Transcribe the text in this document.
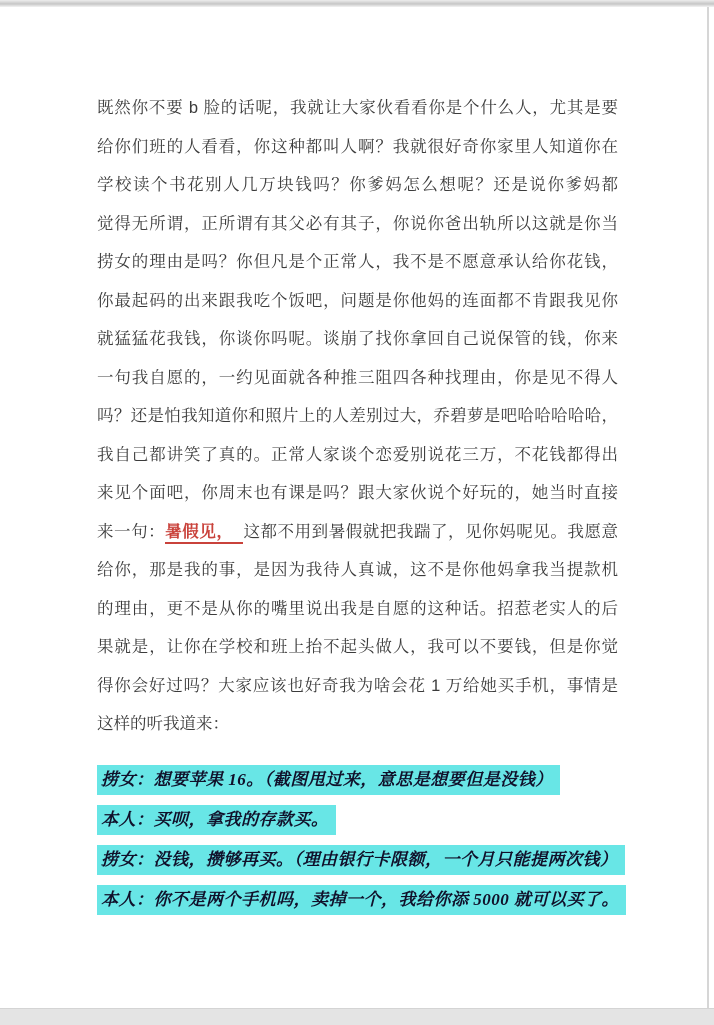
既然你不要 b 脸的话呢，我就让大家伙看看你是个什么人，尤其是要

给你们班的人看看，你这种都叫人啊？我就很好奇你家里人知道你在

学校读个书花别人几万块钱吗？你爹妈怎么想呢？还是说你爹妈都

觉得无所谓，正所谓有其父必有其子，你说你爸出轨所以这就是你当

捞女的理由是吗？你但凡是个正常人，我不是不愿意承认给你花钱，

你最起码的出来跟我吃个饭吧，问题是你他妈的连面都不肯跟我见你

就猛猛花我钱，你谈你吗呢。谈崩了找你拿回自己说保管的钱，你来

一句我自愿的，一约见面就各种推三阻四各种找理由，你是见不得人

吗？还是怕我知道你和照片上的人差别过大，乔碧萝是吧哈哈哈哈哈，

我自己都讲笑了真的。正常人家谈个恋爱别说花三万，不花钱都得出

来见个面吧，你周末也有课是吗？跟大家伙说个好玩的，她当时直接

来一句：暑假见， 这都不用到暑假就把我踹了，见你妈呢见。我愿意

给你，那是我的事，是因为我待人真诚，这不是你他妈拿我当提款机

的理由，更不是从你的嘴里说出我是自愿的这种话。招惹老实人的后

果就是，让你在学校和班上抬不起头做人，我可以不要钱，但是你觉

得你会好过吗？大家应该也好奇我为啥会花 1 万给她买手机，事情是

这样的听我道来：

捞女：想要苹果 16。（截图甩过来，意思是想要但是没钱）

本人：买呗，拿我的存款买。

捞女：没钱，攒够再买。（理由银行卡限额，一个月只能提两次钱）

本人：你不是两个手机吗，卖掉一个，我给你添 5000 就可以买了。
